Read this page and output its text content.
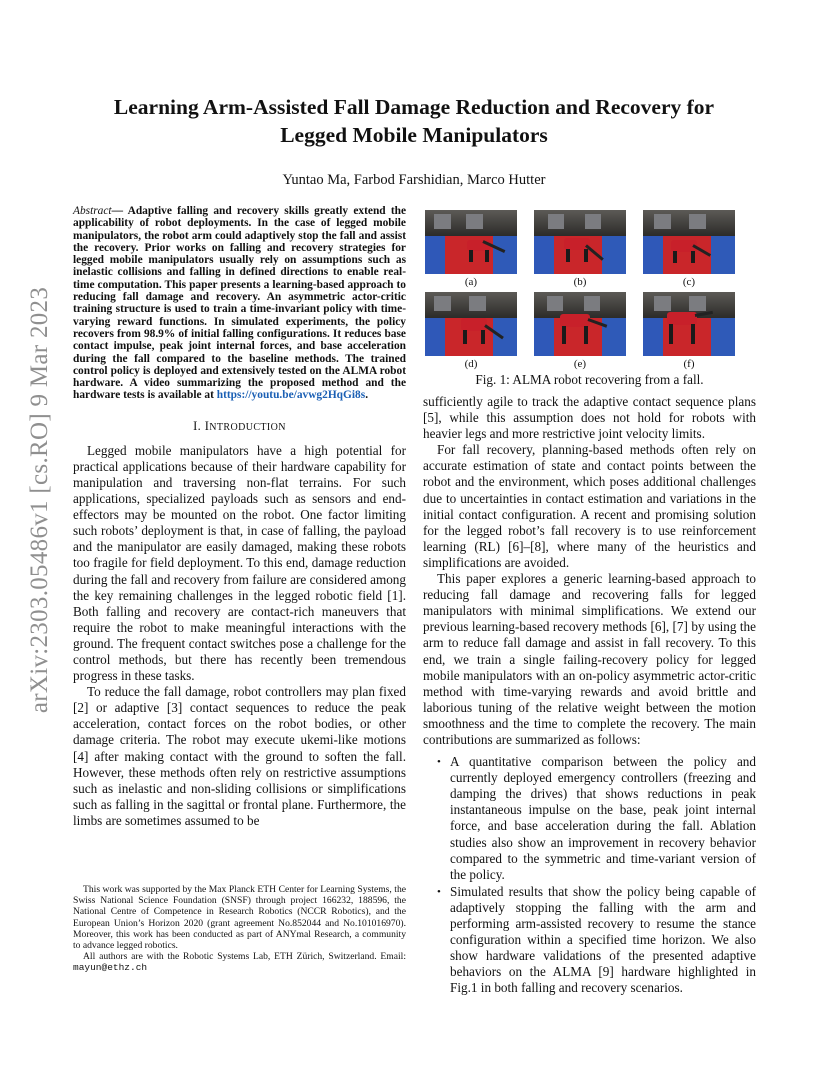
arXiv:2303.05486v1 [cs.RO] 9 Mar 2023
Learning Arm-Assisted Fall Damage Reduction and Recovery for
Legged Mobile Manipulators
Yuntao Ma, Farbod Farshidian, Marco Hutter

Abstract— Adaptive falling and recovery skills greatly extend the applicability of robot deployments. In the case of legged mobile manipulators, the robot arm could adaptively stop the fall and assist the recovery. Prior works on falling and recovery strategies for legged mobile manipulators usually rely on assumptions such as inelastic collisions and falling in defined directions to enable real-time computation. This paper presents a learning-based approach to reducing fall damage and recovery. An asymmetric actor-critic training structure is used to train a time-invariant policy with time-varying reward functions. In simulated experiments, the policy recovers from 98.9% of initial falling configurations. It reduces base contact impulse, peak joint internal forces, and base acceleration during the fall compared to the baseline methods. The trained control policy is deployed and extensively tested on the ALMA robot hardware. A video summarizing the proposed method and the hardware tests is available at https://youtu.be/avwg2HqGi8s.

I. INTRODUCTION

Legged mobile manipulators have a high potential for practical applications because of their hardware capability for manipulation and traversing non-flat terrains. For such applications, specialized payloads such as sensors and end-effectors may be mounted on the robot. One factor limiting such robots’ deployment is that, in case of falling, the payload and the manipulator are easily damaged, making these robots too fragile for field deployment. To this end, damage reduction during the fall and recovery from failure are considered among the key remaining challenges in the legged robotic field [1]. Both falling and recovery are contact-rich maneuvers that require the robot to make meaningful interactions with the ground. The frequent contact switches pose a challenge for the control methods, but there has recently been tremendous progress in these tasks.

To reduce the fall damage, robot controllers may plan fixed [2] or adaptive [3] contact sequences to reduce the peak acceleration, contact forces on the robot bodies, or other damage criteria. The robot may execute ukemi-like motions [4] after making contact with the ground to soften the fall. However, these methods often rely on restrictive assumptions such as inelastic and non-sliding collisions or simplifications such as falling in the sagittal or frontal plane. Furthermore, the limbs are sometimes assumed to be

This work was supported by the Max Planck ETH Center for Learning Systems, the Swiss National Science Foundation (SNSF) through project 166232, 188596, the National Centre of Competence in Research Robotics (NCCR Robotics), and the European Union’s Horizon 2020 (grant agreement No.852044 and No.101016970). Moreover, this work has been conducted as part of ANYmal Research, a community to advance legged robotics.

All authors are with the Robotic Systems Lab, ETH Zürich, Switzerland. Email: mayun@ethz.ch

(a)	(b)	(c)
(d)	(e)	(f)
Fig. 1: ALMA robot recovering from a fall.

sufficiently agile to track the adaptive contact sequence plans [5], while this assumption does not hold for robots with heavier legs and more restrictive joint velocity limits.

For fall recovery, planning-based methods often rely on accurate estimation of state and contact points between the robot and the environment, which poses additional challenges due to uncertainties in contact estimation and variations in the initial contact configuration. A recent and promising solution for the legged robot’s fall recovery is to use reinforcement learning (RL) [6]–[8], where many of the heuristics and simplifications are avoided.

This paper explores a generic learning-based approach to reducing fall damage and recovering falls for legged manipulators with minimal simplifications. We extend our previous learning-based recovery methods [6], [7] by using the arm to reduce fall damage and assist in fall recovery. To this end, we train a single failing-recovery policy for legged mobile manipulators with an on-policy asymmetric actor-critic method with time-varying rewards and avoid brittle and laborious tuning of the relative weight between the motion smoothness and the time to complete the recovery. The main contributions are summarized as follows:

• A quantitative comparison between the policy and currently deployed emergency controllers (freezing and damping the drives) that shows reductions in peak instantaneous impulse on the base, peak joint internal force, and base acceleration during the fall. Ablation studies also show an improvement in recovery behavior compared to the symmetric and time-variant version of the policy.
• Simulated results that show the policy being capable of adaptively stopping the falling with the arm and performing arm-assisted recovery to resume the stance configuration within a specified time horizon. We also show hardware validations of the presented adaptive behaviors on the ALMA [9] hardware highlighted in Fig.1 in both falling and recovery scenarios.
